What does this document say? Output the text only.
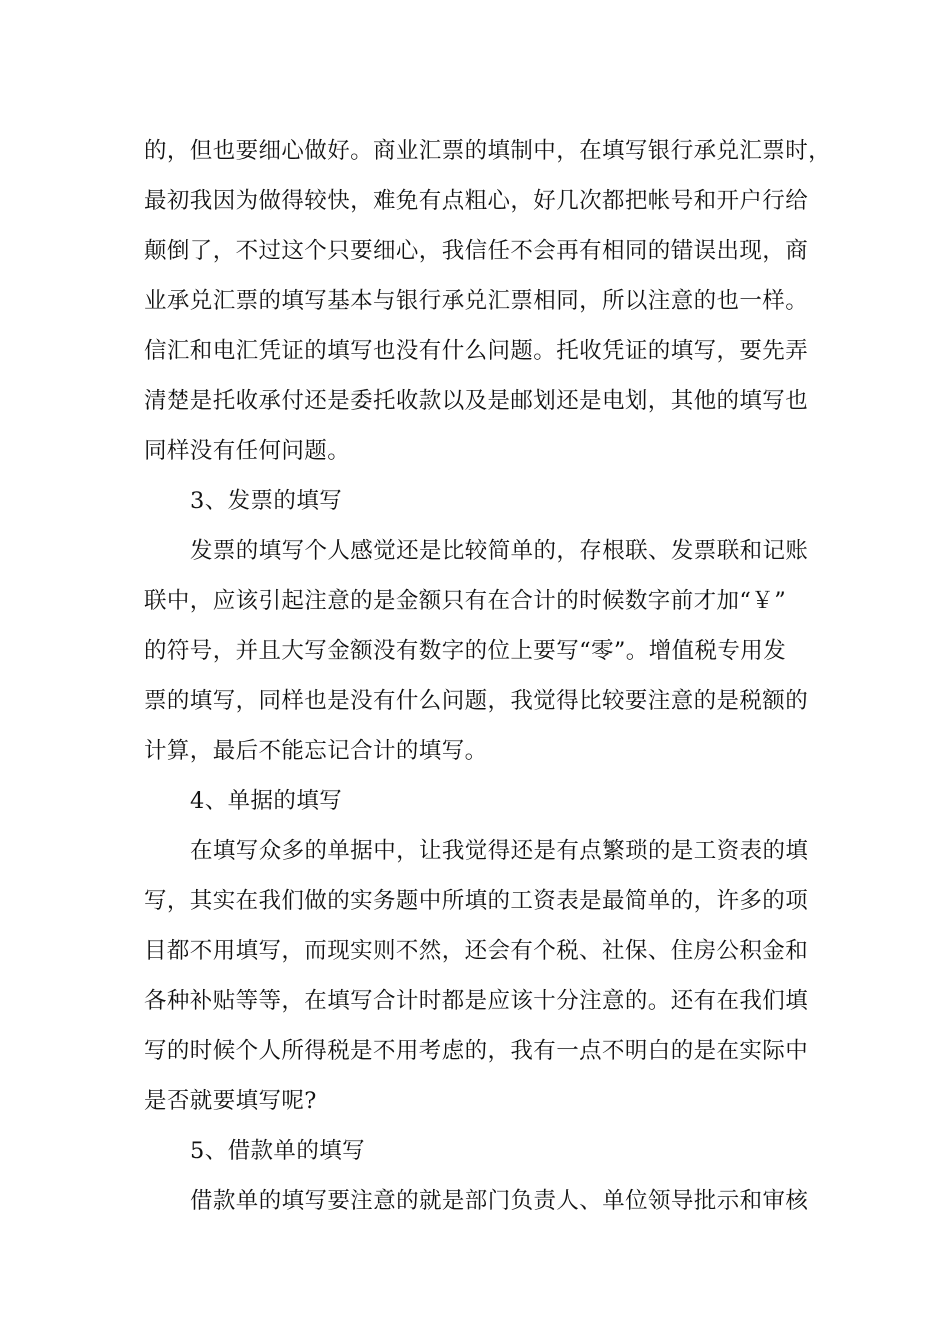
的，但也要细心做好。商业汇票的填制中，在填写银行承兑汇票时，
最初我因为做得较快，难免有点粗心，好几次都把帐号和开户行给
颠倒了，不过这个只要细心，我信任不会再有相同的错误出现，商
业承兑汇票的填写基本与银行承兑汇票相同，所以注意的也一样。
信汇和电汇凭证的填写也没有什么问题。托收凭证的填写，要先弄
清楚是托收承付还是委托收款以及是邮划还是电划，其他的填写也
同样没有任何问题。
3、发票的填写
发票的填写个人感觉还是比较简单的，存根联、发票联和记账
联中，应该引起注意的是金额只有在合计的时候数字前才加“￥”
的符号，并且大写金额没有数字的位上要写“零”。增值税专用发
票的填写，同样也是没有什么问题，我觉得比较要注意的是税额的
计算，最后不能忘记合计的填写。
4、单据的填写
在填写众多的单据中，让我觉得还是有点繁琐的是工资表的填
写，其实在我们做的实务题中所填的工资表是最简单的，许多的项
目都不用填写，而现实则不然，还会有个税、社保、住房公积金和
各种补贴等等，在填写合计时都是应该十分注意的。还有在我们填
写的时候个人所得税是不用考虑的，我有一点不明白的是在实际中
是否就要填写呢?
5、借款单的填写
借款单的填写要注意的就是部门负责人、单位领导批示和审核
